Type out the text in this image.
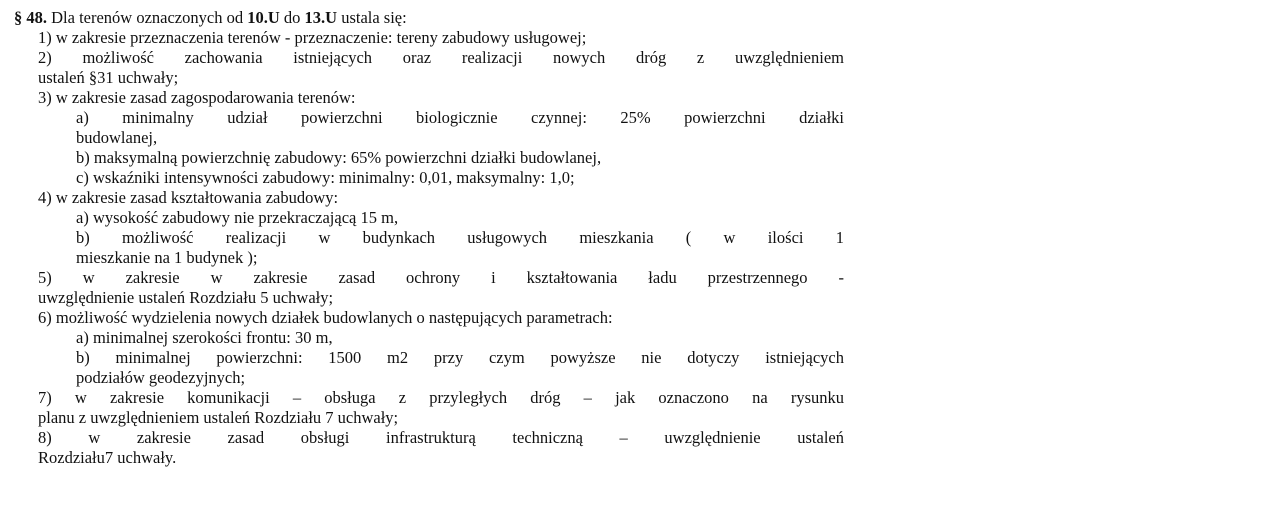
§ 48. Dla terenów oznaczonych od 10.U do 13.U ustala się:
1) w zakresie przeznaczenia terenów - przeznaczenie: tereny zabudowy usługowej;
2) możliwość zachowania istniejących oraz realizacji nowych dróg z uwzględnieniem
ustaleń §31 uchwały;
3) w zakresie zasad zagospodarowania terenów:
a) minimalny udział powierzchni biologicznie czynnej: 25% powierzchni działki
budowlanej,
b) maksymalną powierzchnię zabudowy: 65% powierzchni działki budowlanej,
c) wskaźniki intensywności zabudowy: minimalny: 0,01, maksymalny: 1,0;
4) w zakresie zasad kształtowania zabudowy:
a) wysokość zabudowy nie przekraczającą 15 m,
b) możliwość realizacji w budynkach usługowych mieszkania ( w ilości 1
mieszkanie na 1 budynek );
5) w zakresie w zakresie zasad ochrony i kształtowania ładu przestrzennego -
uwzględnienie ustaleń Rozdziału 5 uchwały;
6) możliwość wydzielenia nowych działek budowlanych o następujących parametrach:
a) minimalnej szerokości frontu: 30 m,
b) minimalnej powierzchni: 1500 m2 przy czym powyższe nie dotyczy istniejących
podziałów geodezyjnych;
7) w zakresie komunikacji – obsługa z przyległych dróg – jak oznaczono na rysunku
planu z uwzględnieniem ustaleń Rozdziału 7 uchwały;
8) w zakresie zasad obsługi infrastrukturą techniczną – uwzględnienie ustaleń
Rozdziału7 uchwały.
